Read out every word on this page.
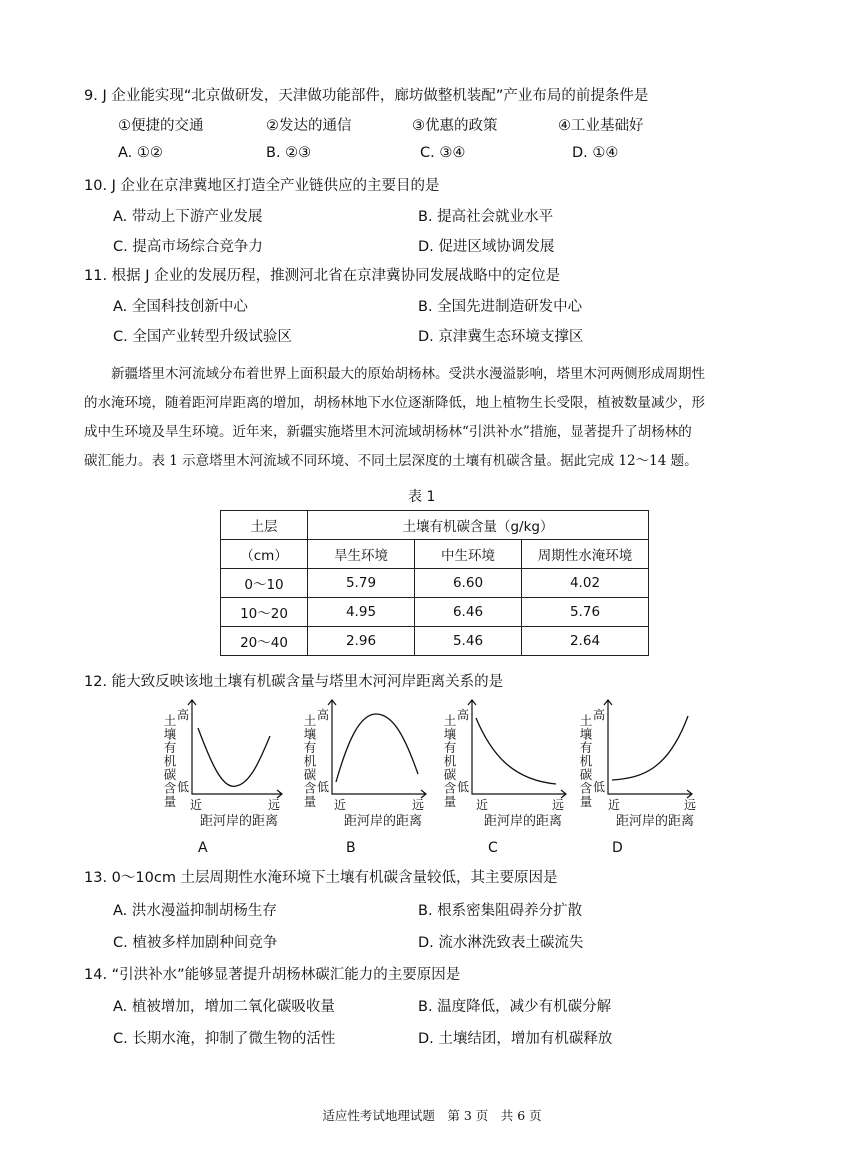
9. J 企业能实现“北京做研发，天津做功能部件，廊坊做整机装配”产业布局的前提条件是
①便捷的交通	②发达的通信	③优惠的政策	④工业基础好
A. ①②	B. ②③	C. ③④	D. ①④
10. J 企业在京津冀地区打造全产业链供应的主要目的是
A. 带动上下游产业发展	B. 提高社会就业水平
C. 提高市场综合竞争力	D. 促进区域协调发展
11. 根据 J 企业的发展历程，推测河北省在京津冀协同发展战略中的定位是
A. 全国科技创新中心	B. 全国先进制造研发中心
C. 全国产业转型升级试验区	D. 京津冀生态环境支撑区
　　新疆塔里木河流域分布着世界上面积最大的原始胡杨林。受洪水漫溢影响，塔里木河两侧形成周期性
的水淹环境，随着距河岸距离的增加，胡杨林地下水位逐渐降低，地上植物生长受限，植被数量减少，形
成中生环境及旱生环境。近年来，新疆实施塔里木河流域胡杨林“引洪补水”措施，显著提升了胡杨林的
碳汇能力。表 1 示意塔里木河流域不同环境、不同土层深度的土壤有机碳含量。据此完成 12～14 题。
表 1
土层	土壤有机碳含量（g/kg）		
（cm）	旱生环境	中生环境	周期性水淹环境
0～10	5.79	6.60	4.02
10～20	4.95	6.46	5.76
20～40	2.96	5.46	2.64
12. 能大致反映该地土壤有机碳含量与塔里木河河岸距离关系的是
土壤有机碳含量 高
低
近	远
距河岸的距离
A
土壤有机碳含量 高
低
近	远
距河岸的距离
B
土壤有机碳含量 高
低
近	远
距河岸的距离
C
土壤有机碳含量 高
低
近	远
距河岸的距离
D
13. 0～10cm 土层周期性水淹环境下土壤有机碳含量较低，其主要原因是
A. 洪水漫溢抑制胡杨生存	B. 根系密集阻碍养分扩散
C. 植被多样加剧种间竞争	D. 流水淋洗致表土碳流失
14. “引洪补水”能够显著提升胡杨林碳汇能力的主要原因是
A. 植被增加，增加二氧化碳吸收量	B. 温度降低，减少有机碳分解
C. 长期水淹，抑制了微生物的活性	D. 土壤结团，增加有机碳释放
适应性考试地理试题　第 3 页　共 6 页
